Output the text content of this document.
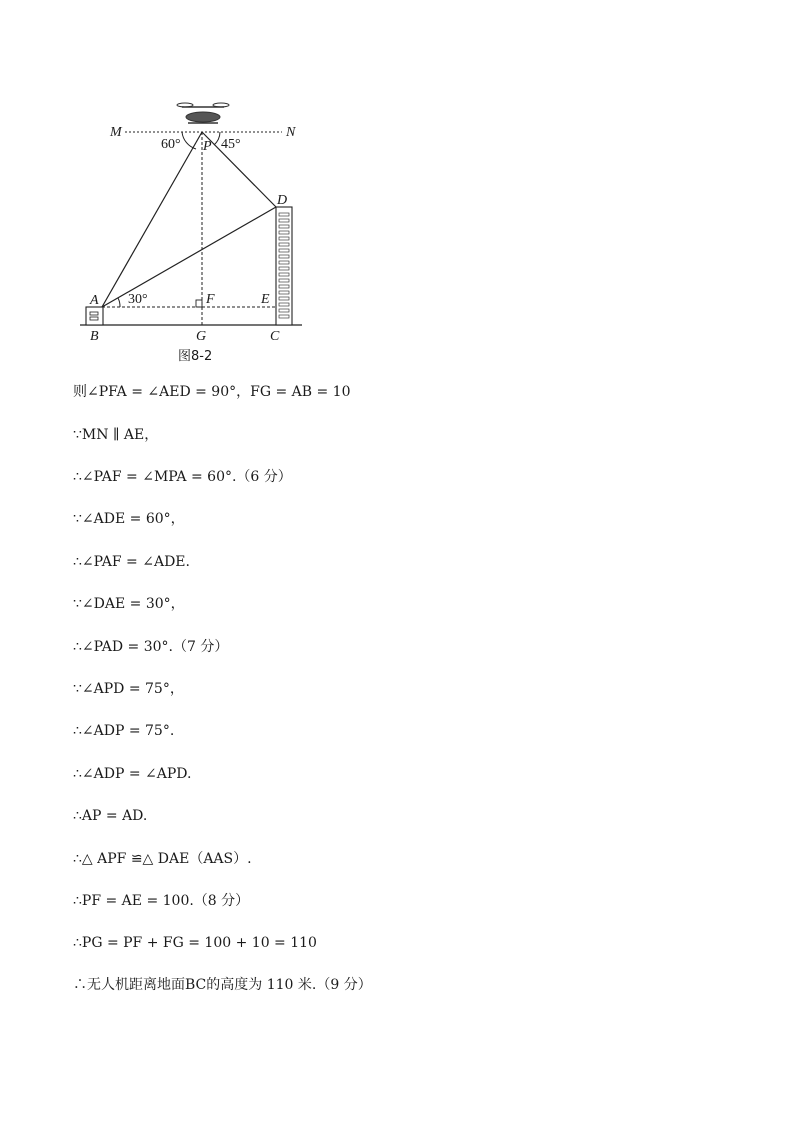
M	N
P
D
A	F	E
B	G	C
60°	45°
30°
图8-2
则∠PFA = ∠AED = 90°，FG = AB = 10
∵MN ∥ AE，
∴∠PAF = ∠MPA = 60°.（6 分）
∵∠ADE = 60°，
∴∠PAF = ∠ADE.
∵∠DAE = 30°，
∴∠PAD = 30°.（7 分）
∵∠APD = 75°，
∴∠ADP = 75°.
∴∠ADP = ∠APD.
∴AP = AD.
∴△ APF ≌△ DAE（AAS）.
∴PF = AE = 100.（8 分）
∴PG = PF + FG = 100 + 10 = 110
∴无人机距离地面BC的高度为 110 米.（9 分）
